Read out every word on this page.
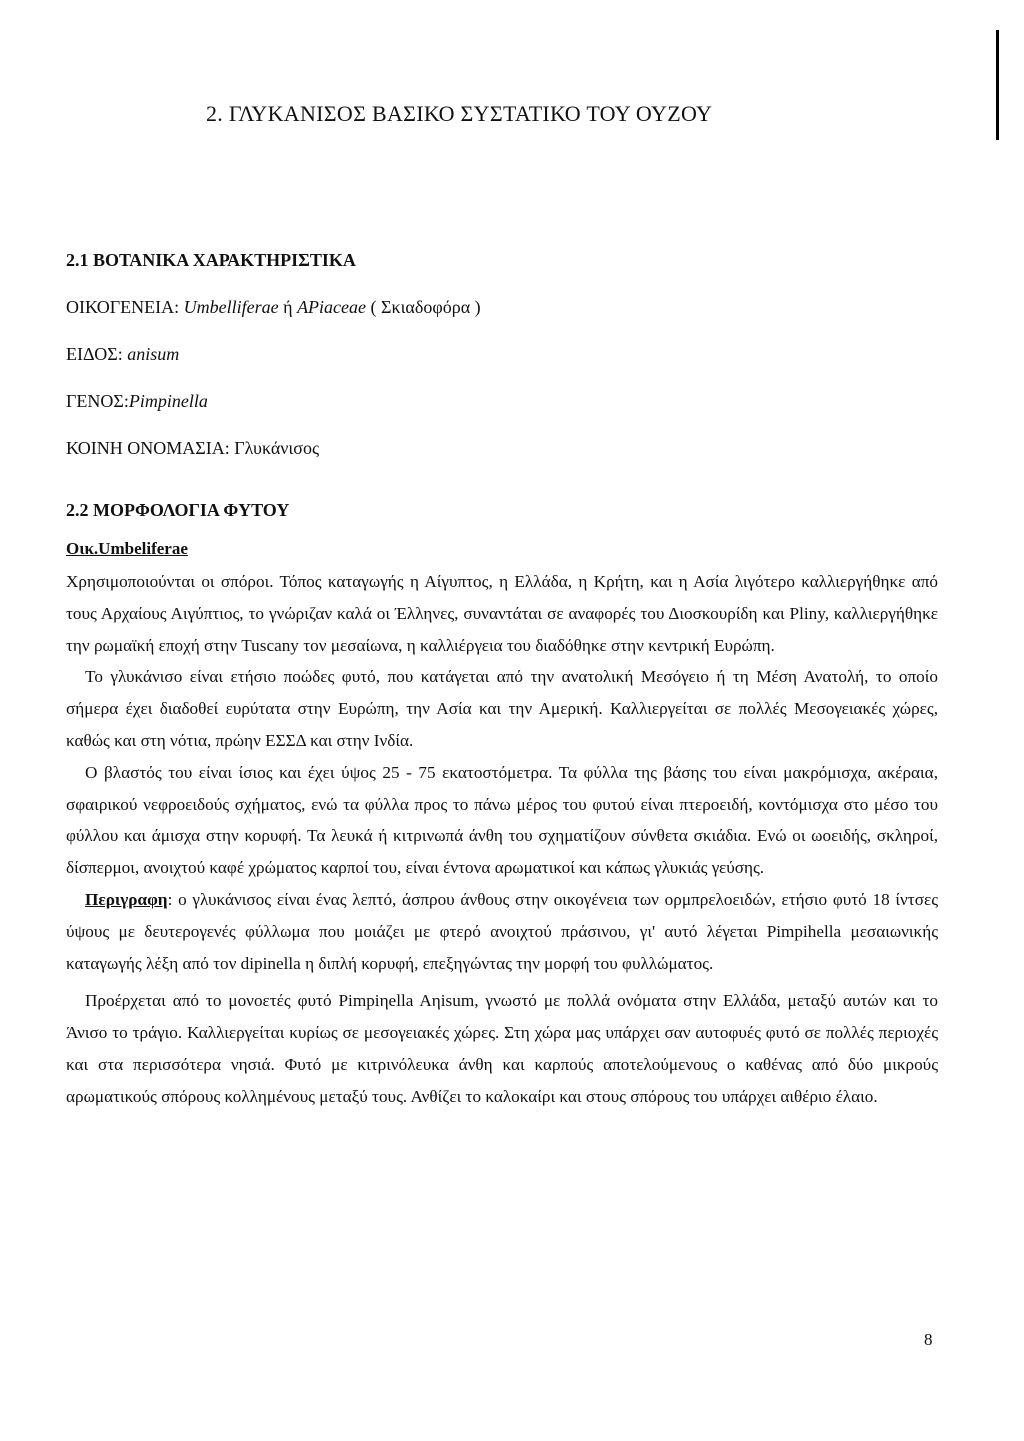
2. ΓΛΥΚΑΝΙΣΟΣ ΒΑΣΙΚΟ ΣΥΣΤΑΤΙΚΟ ΤΟΥ ΟΥΖΟΥ
2.1 ΒΟΤΑΝΙΚΑ ΧΑΡΑΚΤΗΡΙΣΤΙΚΑ
ΟΙΚΟΓΕΝΕΙΑ: Umbelliferae ή APiaceae ( Σκιαδοφόρα )
ΕΙΔΟΣ: anisum
ΓΕΝΟΣ:Pimpinella
ΚΟΙΝΗ ΟΝΟΜΑΣΙΑ: Γλυκάνισος
2.2 ΜΟΡΦΟΛΟΓΙΑ ΦΥΤΟΥ
Οικ.Umbeliferae

Χρησιμοποιούνται οι σπόροι. Τόπος καταγωγής η Αίγυπτος, η Ελλάδα, η Κρήτη, και η Ασία λιγότερο καλλιεργήθηκε από τους Αρχαίους Αιγύπτιος, το γνώριζαν καλά οι Έλληνες, συναντάται σε αναφορές του Διοσκουρίδη και Pliny, καλλιεργήθηκε την ρωμαϊκή εποχή στην Tuscany τον μεσαίωνα, η καλλιέργεια του διαδόθηκε στην κεντρική Ευρώπη.

Το γλυκάνισο είναι ετήσιο ποώδες φυτό, που κατάγεται από την ανατολική Μεσόγειο ή τη Μέση Ανατολή, το οποίο σήμερα έχει διαδοθεί ευρύτατα στην Ευρώπη, την Ασία και την Αμερική. Καλλιεργείται σε πολλές Μεσογειακές χώρες, καθώς και στη νότια, πρώην ΕΣΣΔ και στην Ινδία.

Ο βλαστός του είναι ίσιος και έχει ύψος 25 - 75 εκατοστόμετρα. Τα φύλλα της βάσης του είναι μακρόμισχα, ακέραια, σφαιρικού νεφροειδούς σχήματος, ενώ τα φύλλα προς το πάνω μέρος του φυτού είναι πτεροειδή, κοντόμισχα στο μέσο του φύλλου και άμισχα στην κορυφή. Τα λευκά ή κιτρινωπά άνθη του σχηματίζουν σύνθετα σκιάδια. Ενώ οι ωοειδής, σκληροί, δίσπερμοι, ανοιχτού καφέ χρώματος καρποί του, είναι έντονα αρωματικοί και κάπως γλυκιάς γεύσης.

Περιγραφη: ο γλυκάνισος είναι ένας λεπτό, άσπρου άνθους στην οικογένεια των ορμπρελοειδών, ετήσιο φυτό 18 ίντσες ύψους με δευτερογενές φύλλωμα που μοιάζει με φτερό ανοιχτού πράσινου, γι' αυτό λέγεται Pimpihella μεσαιωνικής καταγωγής λέξη από τον dipinella η διπλή κορυφή, επεξηγώντας την μορφή του φυλλώματος.

Προέρχεται από το μονοετές φυτό Pimpiηella Aηisum, γνωστό με πολλά ονόματα στην Ελλάδα, μεταξύ αυτών και το Άνισο το τράγιο. Καλλιεργείται κυρίως σε μεσογειακές χώρες. Στη χώρα μας υπάρχει σαν αυτοφυές φυτό σε πολλές περιοχές και στα περισσότερα νησιά. Φυτό με κιτρινόλευκα άνθη και καρπούς αποτελούμενους ο καθένας από δύο μικρούς αρωματικούς σπόρους κολλημένους μεταξύ τους. Ανθίζει το καλοκαίρι και στους σπόρους του υπάρχει αιθέριο έλαιο.

8
